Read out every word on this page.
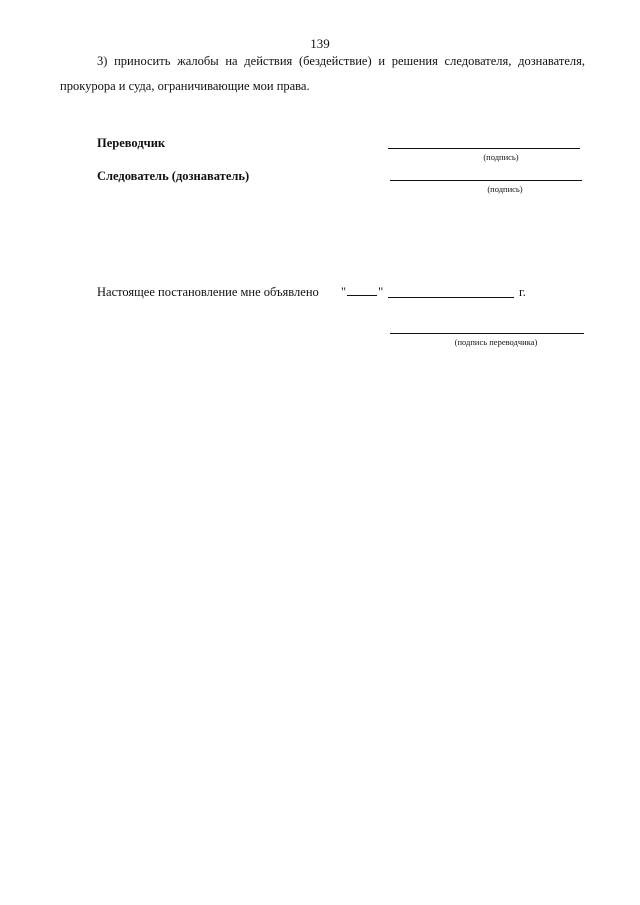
139
3) приносить жалобы на действия (бездействие) и решения следователя, дознавателя,
прокурора и суда, ограничивающие мои права.
Переводчик
(подпись)
Следователь (дознаватель)
(подпись)
Настоящее постановление мне объявлено "	"	г.
(подпись переводчика)
